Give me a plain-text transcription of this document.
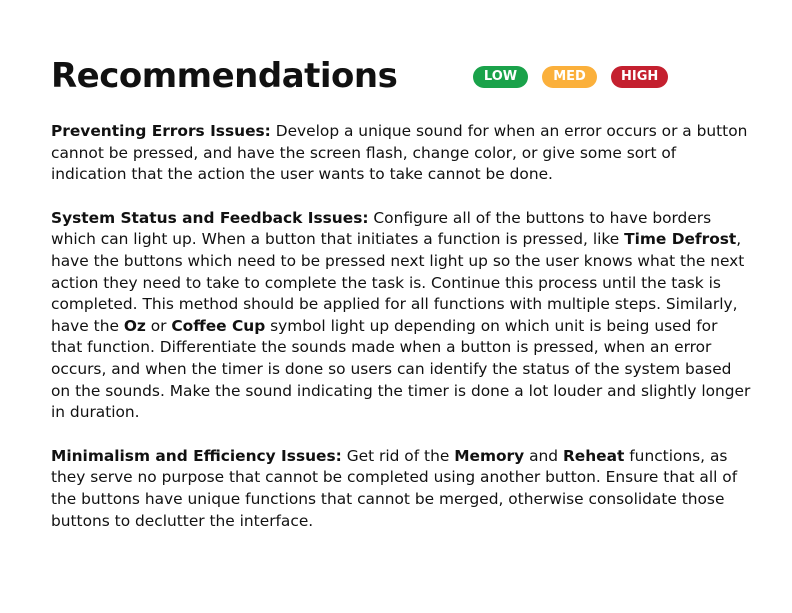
Recommendations	LOW	MED	HIGH

Preventing Errors Issues: Develop a unique sound for when an error occurs or a button cannot be pressed, and have the screen flash, change color, or give some sort of indication that the action the user wants to take cannot be done.

System Status and Feedback Issues: Configure all of the buttons to have borders which can light up. When a button that initiates a function is pressed, like Time Defrost, have the buttons which need to be pressed next light up so the user knows what the next action they need to take to complete the task is. Continue this process until the task is completed. This method should be applied for all functions with multiple steps. Similarly, have the Oz or Coffee Cup symbol light up depending on which unit is being used for that function. Differentiate the sounds made when a button is pressed, when an error occurs, and when the timer is done so users can identify the status of the system based on the sounds. Make the sound indicating the timer is done a lot louder and slightly longer in duration.

Minimalism and Efficiency Issues: Get rid of the Memory and Reheat functions, as they serve no purpose that cannot be completed using another button. Ensure that all of the buttons have unique functions that cannot be merged, otherwise consolidate those buttons to declutter the interface.
